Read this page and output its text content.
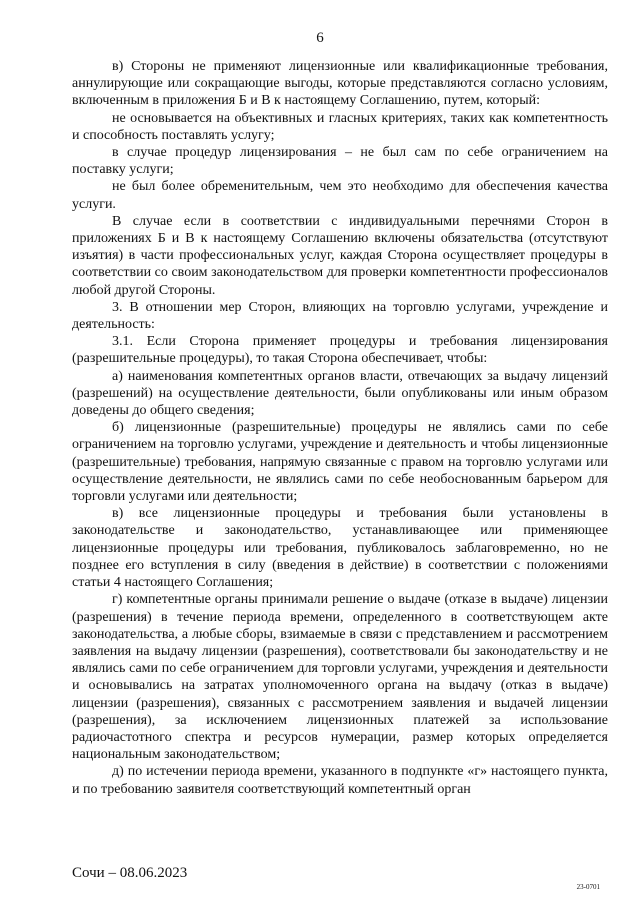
6

в) Стороны не применяют лицензионные или квалификационные требования, аннулирующие или сокращающие выгоды, которые представляются согласно условиям, включенным в приложения Б и В к настоящему Соглашению, путем, который:

не основывается на объективных и гласных критериях, таких как компетентность и способность поставлять услугу;

в случае процедур лицензирования – не был сам по себе ограничением на поставку услуги;

не был более обременительным, чем это необходимо для обеспечения качества услуги.

В случае если в соответствии с индивидуальными перечнями Сторон в приложениях Б и В к настоящему Соглашению включены обязательства (отсутствуют изъятия) в части профессиональных услуг, каждая Сторона осуществляет процедуры в соответствии со своим законодательством для проверки компетентности профессионалов любой другой Стороны.

3. В отношении мер Сторон, влияющих на торговлю услугами, учреждение и деятельность:

3.1. Если Сторона применяет процедуры и требования лицензирования (разрешительные процедуры), то такая Сторона обеспечивает, чтобы:

а) наименования компетентных органов власти, отвечающих за выдачу лицензий (разрешений) на осуществление деятельности, были опубликованы или иным образом доведены до общего сведения;

б) лицензионные (разрешительные) процедуры не являлись сами по себе ограничением на торговлю услугами, учреждение и деятельность и чтобы лицензионные (разрешительные) требования, напрямую связанные с правом на торговлю услугами или осуществление деятельности, не являлись сами по себе необоснованным барьером для торговли услугами или деятельности;

в) все лицензионные процедуры и требования были установлены в законодательстве и законодательство, устанавливающее или применяющее лицензионные процедуры или требования, публиковалось заблаговременно, но не позднее его вступления в силу (введения в действие) в соответствии с положениями статьи 4 настоящего Соглашения;

г) компетентные органы принимали решение о выдаче (отказе в выдаче) лицензии (разрешения) в течение периода времени, определенного в соответствующем акте законодательства, а любые сборы, взимаемые в связи с представлением и рассмотрением заявления на выдачу лицензии (разрешения), соответствовали бы законодательству и не являлись сами по себе ограничением для торговли услугами, учреждения и деятельности и основывались на затратах уполномоченного органа на выдачу (отказ в выдаче) лицензии (разрешения), связанных с рассмотрением заявления и выдачей лицензии (разрешения), за исключением лицензионных платежей за использование радиочастотного спектра и ресурсов нумерации, размер которых определяется национальным законодательством;

д) по истечении периода времени, указанного в подпункте «г» настоящего пункта, и по требованию заявителя соответствующий компетентный орган

Сочи – 08.06.2023
23-0701
